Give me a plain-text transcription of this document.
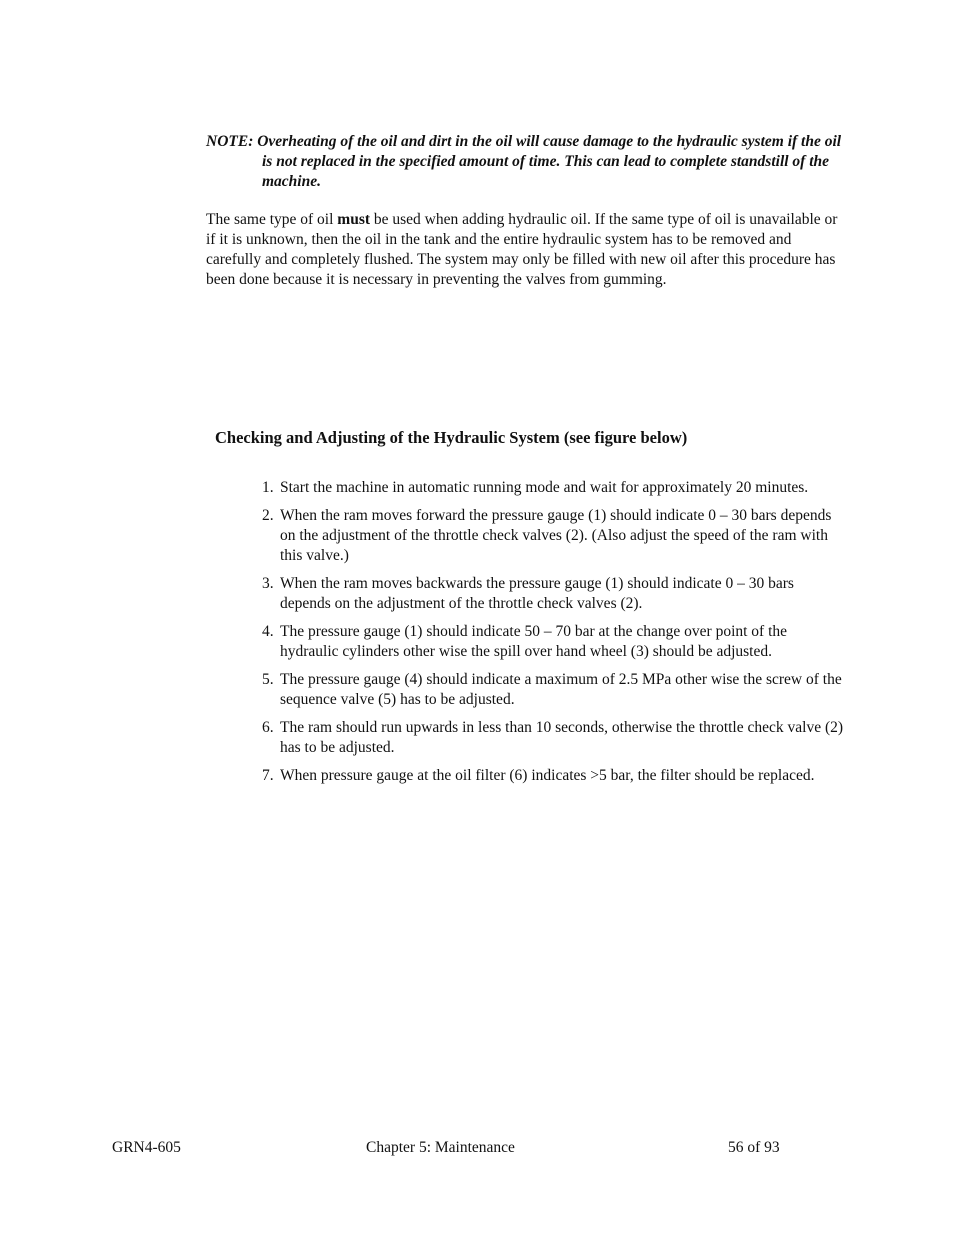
NOTE: Overheating of the oil and dirt in the oil will cause damage to the hydraulic system if the oil is not replaced in the specified amount of time. This can lead to complete standstill of the machine.

The same type of oil must be used when adding hydraulic oil. If the same type of oil is unavailable or if it is unknown, then the oil in the tank and the entire hydraulic system has to be removed and carefully and completely flushed. The system may only be filled with new oil after this procedure has been done because it is necessary in preventing the valves from gumming.

Checking and Adjusting of the Hydraulic System (see figure below)
1. Start the machine in automatic running mode and wait for approximately 20 minutes.
2. When the ram moves forward the pressure gauge (1) should indicate 0 – 30 bars depends on the adjustment of the throttle check valves (2). (Also adjust the speed of the ram with this valve.)
3. When the ram moves backwards the pressure gauge (1) should indicate 0 – 30 bars depends on the adjustment of the throttle check valves (2).
4. The pressure gauge (1) should indicate 50 – 70 bar at the change over point of the hydraulic cylinders other wise the spill over hand wheel (3) should be adjusted.
5. The pressure gauge (4) should indicate a maximum of 2.5 MPa other wise the screw of the sequence valve (5) has to be adjusted.
6. The ram should run upwards in less than 10 seconds, otherwise the throttle check valve (2) has to be adjusted.
7. When pressure gauge at the oil filter (6) indicates >5 bar, the filter should be replaced.
GRN4-605	Chapter 5: Maintenance	56 of 93
